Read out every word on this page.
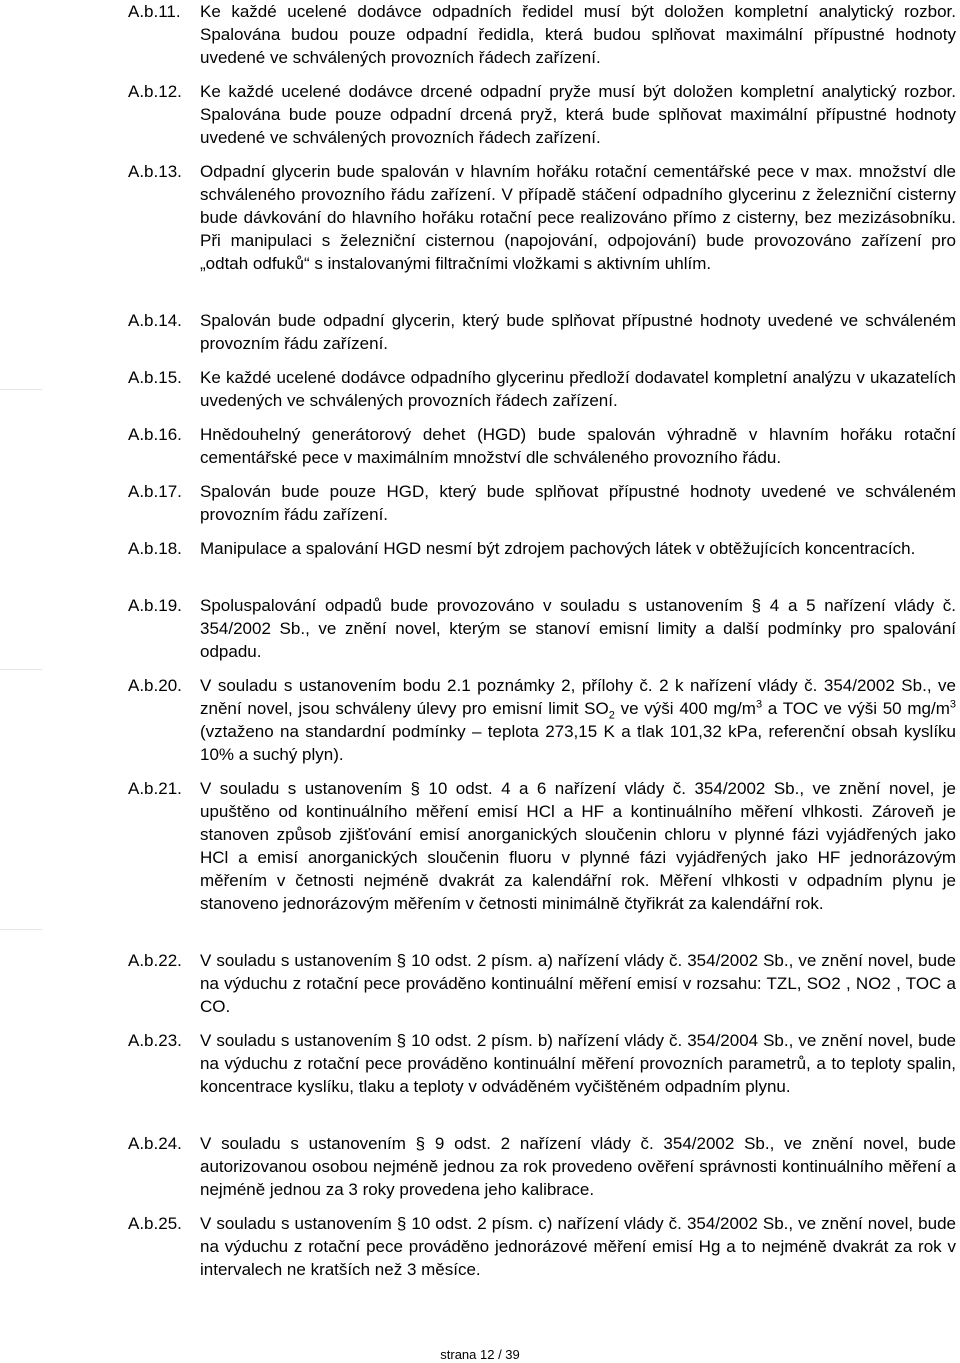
A.b.11.	Ke každé ucelené dodávce odpadních ředidel musí být doložen kompletní analytický rozbor. Spalována budou pouze odpadní ředidla, která budou splňovat maximální přípustné hodnoty uvedené ve schválených provozních řádech zařízení.
A.b.12.	Ke každé ucelené dodávce drcené odpadní pryže musí být doložen kompletní analytický rozbor. Spalována bude pouze odpadní drcená pryž, která bude splňovat maximální přípustné hodnoty uvedené ve schválených provozních řádech zařízení.
A.b.13.	Odpadní glycerin bude spalován v hlavním hořáku rotační cementářské pece v max. množství dle schváleného provozního řádu zařízení. V případě stáčení odpadního glycerinu z železniční cisterny bude dávkování do hlavního hořáku rotační pece realizováno přímo z cisterny, bez mezizásobníku. Při manipulaci s železniční cisternou (napojování, odpojování) bude provozováno zařízení pro „odtah odfuků“ s instalovanými filtračními vložkami s aktivním uhlím.
A.b.14.	Spalován bude odpadní glycerin, který bude splňovat přípustné hodnoty uvedené ve schváleném provozním řádu zařízení.
A.b.15.	Ke každé ucelené dodávce odpadního glycerinu předloží dodavatel kompletní analýzu v ukazatelích uvedených ve schválených provozních řádech zařízení.
A.b.16.	Hnědouhelný generátorový dehet (HGD) bude spalován výhradně v hlavním hořáku rotační cementářské pece v maximálním množství dle schváleného provozního řádu.
A.b.17.	Spalován bude pouze HGD, který bude splňovat přípustné hodnoty uvedené ve schváleném provozním řádu zařízení.
A.b.18.	Manipulace a spalování HGD nesmí být zdrojem pachových látek v obtěžujících koncentracích.
A.b.19.	Spoluspalování odpadů bude provozováno v souladu s ustanovením § 4 a 5 nařízení vlády č. 354/2002 Sb., ve znění novel, kterým se stanoví emisní limity a další podmínky pro spalování odpadu.
A.b.20.	V souladu s ustanovením bodu 2.1 poznámky 2, přílohy č. 2 k nařízení vlády č. 354/2002 Sb., ve znění novel, jsou schváleny úlevy pro emisní limit $SO_2$ ve výši 400 $mg/m^3$ a TOC ve výši 50 $mg/m^3$ (vztaženo na standardní podmínky – teplota 273,15 K a tlak 101,32 kPa, referenční obsah kyslíku 10% a suchý plyn).
A.b.21.	V souladu s ustanovením § 10 odst. 4 a 6 nařízení vlády č. 354/2002 Sb., ve znění novel, je upuštěno od kontinuálního měření emisí HCl a HF a kontinuálního měření vlhkosti. Zároveň je stanoven způsob zjišťování emisí anorganických sloučenin chloru v plynné fázi vyjádřených jako HCl a emisí anorganických sloučenin fluoru v plynné fázi vyjádřených jako HF jednorázovým měřením v četnosti nejméně dvakrát za kalendářní rok. Měření vlhkosti v odpadním plynu je stanoveno jednorázovým měřením v četnosti minimálně čtyřikrát za kalendářní rok.
A.b.22.	V souladu s ustanovením § 10 odst. 2 písm. a) nařízení vlády č. 354/2002 Sb., ve znění novel, bude na výduchu z rotační pece prováděno kontinuální měření emisí v rozsahu: TZL, SO2 , NO2 , TOC a CO.
A.b.23.	V souladu s ustanovením § 10 odst. 2 písm. b) nařízení vlády č. 354/2004 Sb., ve znění novel, bude na výduchu z rotační pece prováděno kontinuální měření provozních parametrů, a to teploty spalin, koncentrace kyslíku, tlaku a teploty v odváděném vyčištěném odpadním plynu.
A.b.24.	V souladu s ustanovením § 9 odst. 2 nařízení vlády č. 354/2002 Sb., ve znění novel, bude autorizovanou osobou nejméně jednou za rok provedeno ověření správnosti kontinuálního měření a nejméně jednou za 3 roky provedena jeho kalibrace.
A.b.25.	V souladu s ustanovením § 10 odst. 2 písm. c) nařízení vlády č. 354/2002 Sb., ve znění novel, bude na výduchu z rotační pece prováděno jednorázové měření emisí Hg a to nejméně dvakrát za rok v intervalech ne kratších než 3 měsíce.
strana 12 / 39
